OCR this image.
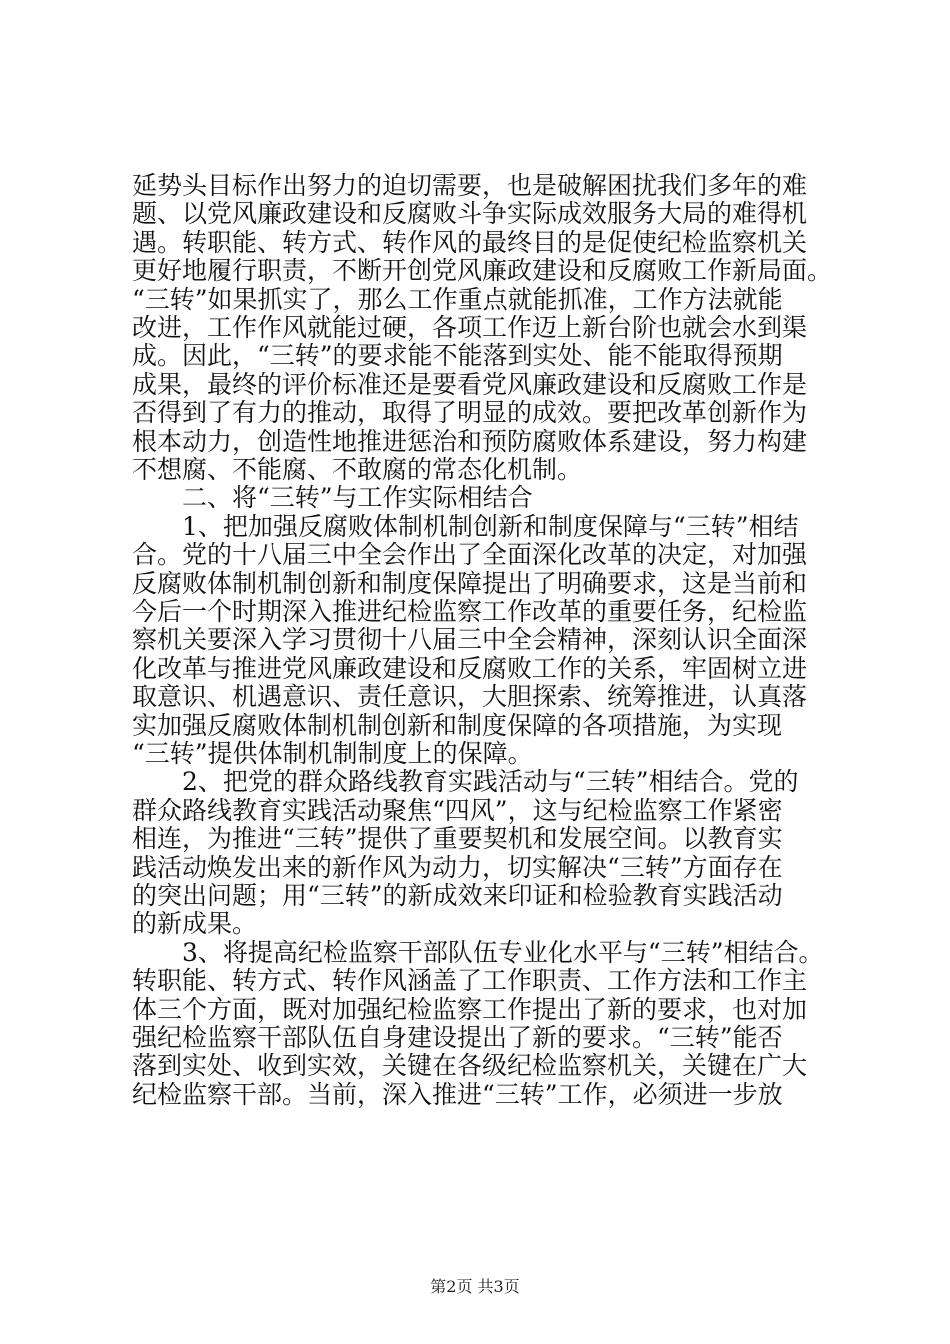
延势头目标作出努力的迫切需要，也是破解困扰我们多年的难
题、以党风廉政建设和反腐败斗争实际成效服务大局的难得机
遇。转职能、转方式、转作风的最终目的是促使纪检监察机关
更好地履行职责，不断开创党风廉政建设和反腐败工作新局面。
“三转”如果抓实了，那么工作重点就能抓准，工作方法就能
改进，工作作风就能过硬，各项工作迈上新台阶也就会水到渠
成。因此，“三转”的要求能不能落到实处、能不能取得预期
成果，最终的评价标准还是要看党风廉政建设和反腐败工作是
否得到了有力的推动，取得了明显的成效。要把改革创新作为
根本动力，创造性地推进惩治和预防腐败体系建设，努力构建
不想腐、不能腐、不敢腐的常态化机制。
　　二、将“三转”与工作实际相结合
　　1、把加强反腐败体制机制创新和制度保障与“三转”相结
合。党的十八届三中全会作出了全面深化改革的决定，对加强
反腐败体制机制创新和制度保障提出了明确要求，这是当前和
今后一个时期深入推进纪检监察工作改革的重要任务，纪检监
察机关要深入学习贯彻十八届三中全会精神，深刻认识全面深
化改革与推进党风廉政建设和反腐败工作的关系，牢固树立进
取意识、机遇意识、责任意识，大胆探索、统筹推进，认真落
实加强反腐败体制机制创新和制度保障的各项措施，为实现
“三转”提供体制机制制度上的保障。
　　2、把党的群众路线教育实践活动与“三转”相结合。党的
群众路线教育实践活动聚焦“四风”，这与纪检监察工作紧密
相连，为推进“三转”提供了重要契机和发展空间。以教育实
践活动焕发出来的新作风为动力，切实解决“三转”方面存在
的突出问题；用“三转”的新成效来印证和检验教育实践活动
的新成果。
　　3、将提高纪检监察干部队伍专业化水平与“三转”相结合。
转职能、转方式、转作风涵盖了工作职责、工作方法和工作主
体三个方面，既对加强纪检监察工作提出了新的要求，也对加
强纪检监察干部队伍自身建设提出了新的要求。“三转”能否
落到实处、收到实效，关键在各级纪检监察机关，关键在广大
纪检监察干部。当前，深入推进“三转”工作，必须进一步放
第2页 共3页
